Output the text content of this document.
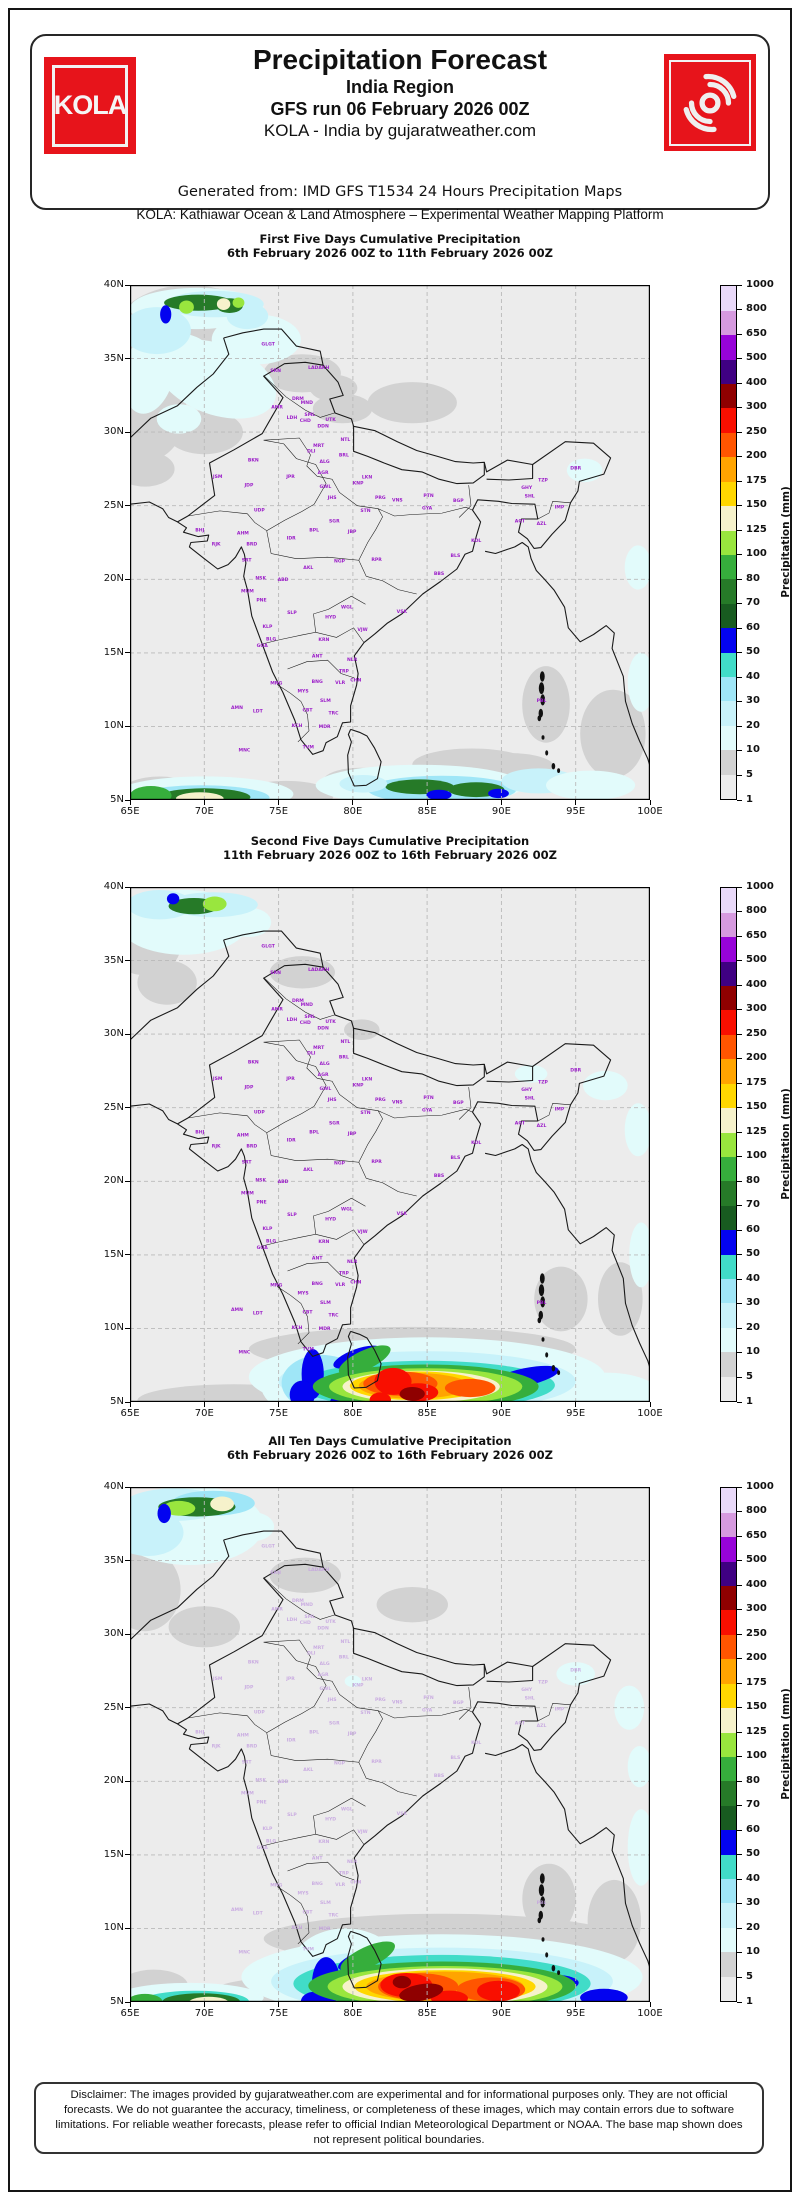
KOLA
Precipitation Forecast
India Region
GFS run 06 February 2026 00Z
KOLA - India by gujaratweather.com
Generated from: IMD GFS T1534 24 Hours Precipitation Maps
KOLA: Kathiawar Ocean & Land Atmosphere – Experimental Weather Mapping Platform
First Five Days Cumulative Precipitation
6th February 2026 00Z to 11th February 2026 00Z
GLGT
SRN
LADAKH
DRM
SML
MND
CHD
AMR
LDH
DDN
UTK
NTL
DLI
MRT
BKN
JSM
JDP
JPR
AGR
ALG
BRL
LKN
KNP
PRG VNS
PTN
GYA
BGP
GHY
SHL
TZP
DBR
IMP
AZL
AGT
UDP
AHM
BHJ
RJK	BRD
SRT
IDR
BPL	JBP
SGR
GWL
JHS
STN
NGP
AKL
MUM
PNE
NSK	ABD
SLP
KLP
GOA
BLG
HYD
WGL
VJW
VSK
RPR
BBS
KOL
BLS
BNG
MYS
CHN
VLR
SLM
TRC
MDR
TVM
KCH
MNG
CBT
TRP
NLR
ANT
KRN
AMN
LDT
MNC
PBL
Precipitation (mm)
40N
35N
30N
25N
20N
15N
10N
5N
65E	70E	75E	80E	85E	90E	95E	100E
1
5
10
20
30
40
50
60
70
80
100
125
150
175
200
250
300
400
500
650
800
1000
Second Five Days Cumulative Precipitation
11th February 2026 00Z to 16th February 2026 00Z
GLGT
SRN
LADAKH
DRM
SML
MND
CHD
AMR
LDH
DDN
UTK
NTL
DLI
MRT
BKN
JSM
JDP
JPR
AGR
ALG
BRL
LKN
KNP
PRG VNS
PTN
GYA
BGP
GHY
SHL
TZP
DBR
IMP
AZL
AGT
UDP
AHM
BHJ
RJK	BRD
SRT
IDR
BPL	JBP
SGR
GWL
JHS
STN
NGP
AKL
MUM
PNE
NSK	ABD
SLP
KLP
GOA
BLG
HYD
WGL
VJW
VSK
RPR
BBS
KOL
BLS
BNG
MYS
CHN
VLR
SLM
TRC
MDR
TVM
KCH
MNG
CBT
TRP
NLR
ANT
KRN
AMN
LDT
MNC
PBL
Precipitation (mm)
40N
35N
30N
25N
20N
15N
10N
5N
65E	70E	75E	80E	85E	90E	95E	100E
1
5
10
20
30
40
50
60
70
80
100
125
150
175
200
250
300
400
500
650
800
1000
All Ten Days Cumulative Precipitation
6th February 2026 00Z to 16th February 2026 00Z
GLGT
SRN
LADAKH
DRM
SML
MND
CHD
AMR
LDH
DDN
UTK
NTL
DLI
MRT
BKN
JSM
JDP
JPR
AGR
ALG
BRL
LKN
KNP
PRG VNS
PTN
GYA
BGP
GHY
SHL
TZP
DBR
IMP
AZL
AGT
UDP
AHM
BHJ
RJK	BRD
SRT
IDR
BPL	JBP
SGR
GWL
JHS
STN
NGP
AKL
MUM
PNE
NSK	ABD
SLP
KLP
GOA
BLG
HYD
WGL
VJW
VSK
RPR
BBS
KOL
BLS
BNG
MYS
CHN
VLR
SLM
TRC
MDR
TVM
KCH
MNG
CBT
TRP
NLR
ANT
KRN
AMN
LDT
MNC
PBL
Precipitation (mm)
40N
35N
30N
25N
20N
15N
10N
5N
65E	70E	75E	80E	85E	90E	95E	100E
1
5
10
20
30
40
50
60
70
80
100
125
150
175
200
250
300
400
500
650
800
1000
Disclaimer: The images provided by gujaratweather.com are experimental and for informational purposes only. They are not official forecasts. We do not guarantee the accuracy, timeliness, or completeness of these images, which may contain errors due to software limitations. For reliable weather forecasts, please refer to official Indian Meteorological Department or NOAA. The base map shown does not represent political boundaries.
